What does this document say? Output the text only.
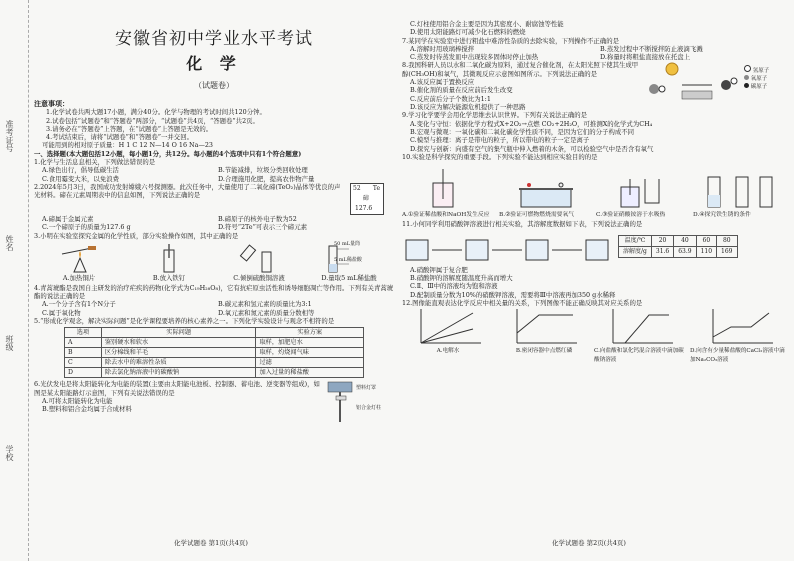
准考证号
姓名
班级
学校
安徽省初中学业水平考试
化 学
（试题卷）
注意事项：
1.化学试卷共两大题17小题，满分40分。化学与物理的考试时间共120分钟。
2.试卷包括“试题卷”和“答题卷”两部分，“试题卷”共4页，“答题卷”共2页。
3.请务必在“答题卷”上答题，在“试题卷”上答题是无效的。
4.考试结束后，请将“试题卷”和“答题卷”一并交回。
可能用到的相对原子质量：H 1 C 12 N—14 O 16 Na—23
一、选择题(本大题包括12小题，每小题1分，共12分。每小题的4个选项中只有1个符合题意)
1.化学与生活息息相关，下列做法错误的是
A.绿色出行，倡导低碳生活	B.节能减排，垃圾分类回收处理
C.食用霉变大米，以免浪费	D.合理施用化肥，提高农作物产量
2.2024年5月3日，我国成功发射嫦娥六号探测器。此次任务中，大量使用了二氧化碲(TeO₂)晶体等优良的声光材料。碲在元素周期表中的信息如图，下列说法正确的是
52 Te
碲
127.6
A.碲属于金属元素	B.碲原子的核外电子数为52
C.一个碲原子的质量为127.6 g	D.符号“2Te”可表示三个碲元素
3.小明在实验室探究金属的化学性质，部分实验操作如图，其中正确的是
A.加热铜片	B.放入铁钉	C.倾倒硫酸铜溶液
50 mL量筒
5 mL稀盐酸
D.量取5 mL稀盐酸
4.青蒿琥酯是我国自主研发的治疗疟疾的药物(化学式为C₁₉H₂₈O₈)，它有抗疟原虫活性和诱导细胞凋亡等作用。下列有关青蒿琥酯的说法正确的是
A.一个分子含有1个N分子	B.碳元素和氢元素的质量比为3:1
C.属于氧化物	D.氧元素和氮元素的质量分数相等
5.“形成化学观念，解决实际问题”是化学课程要培养的核心素养之一。下列化学实验设计与观念不相符的是
选项	实际问题	实验方案
A	鉴别硬水和软水	取样，加肥皂水
B	区分棉线和羊毛	取样，灼烧闻气味
C	除去水中的难溶性杂质	过滤
D	除去氯化钠溶液中的碳酸钠	加入过量的稀盐酸
6.光伏发电是将太阳能转化为电能的装置(主要由太阳能电池板、控制器、蓄电池、逆变器等组成)，如图是某太阳能路灯示意图，下列有关说法错误的是
A.可将太阳能转化为电能
B.塑料和铝合金均属于合成材料
塑料灯罩
铝合金灯柱
化学试题卷 第1页(共4页)
C.灯柱使用铝合金主要是因为其密度小、耐腐蚀等性能
D.使用太阳能路灯可减少化石燃料的燃烧
7.某同学在实验室中进行粗盐中难溶性杂质的去除实验，下列操作不正确的是
A.溶解时用玻璃棒搅拌	B.蒸发过程中不断搅拌防止液滴飞溅
C.蒸发时待蒸发皿中出现较多固体时停止加热	D.称量时将粗盐直接放在托盘上
8.我国科研人员以水和二氧化碳为原料，通过复合催化剂，在太阳光照下使其生成甲醇(CH₃OH)和氧气，其微观反应示意图如图所示。下列说法正确的是
A.该反应属于置换反应
B.催化剂的质量在反应前后发生改变
C.反应前后分子个数比为1:1
D.该反应为解决能源危机提供了一种思路
氢原子
氧原子
碳原子
9.学习化学要学会用化学思维去认识世界。下列有关说法正确的是
A.变化与守恒：依据化学方程式X+2O₂→点燃 CO₂+2H₂O，可推测X的化学式为CH₄
B.宏观与微观：一氧化碳和二氧化碳化学性质不同，是因为它们的分子构成不同
C.模型与推理：离子是带电的粒子，所以带电的粒子一定是离子
D.探究与创新：向盛有空气的集气瓶中伸入燃着的木条，可以检验空气中是否含有氧气
10.实验是科学探究的重要手段。下列实验不能达到相应实验目的的是
A.①验证稀盐酸和NaOH发生反应	B.②验证可燃物燃烧需要氧气	C.③验证硝酸铵溶于水吸热	D.④探究铁生锈的条件
11.小何同学利用硝酸钾溶液进行相关实验，其溶解度数据如下表，下列说法正确的是
温度/℃	20	40	60	80
溶解度/g	31.6	63.9	110	169
A.硝酸钾属于复合肥
B.硝酸钾的溶解度随温度升高而增大
C.Ⅱ、Ⅲ中的溶液均为饱和溶液
D.配制质量分数为10%的硝酸钾溶液，需要将Ⅲ中溶液再加350 g水稀释
12.图像能直观表达化学反应中相关量的关系，下列图像不能正确反映其对应关系的是
A.电解水	B.密闭容器中点燃红磷	C.向盐酸和氯化钙混合溶液中滴加碳酸钠溶液
D.向含有少量稀盐酸的CaCl₂溶液中滴加Na₂CO₃溶液
化学试题卷 第2页(共4页)
